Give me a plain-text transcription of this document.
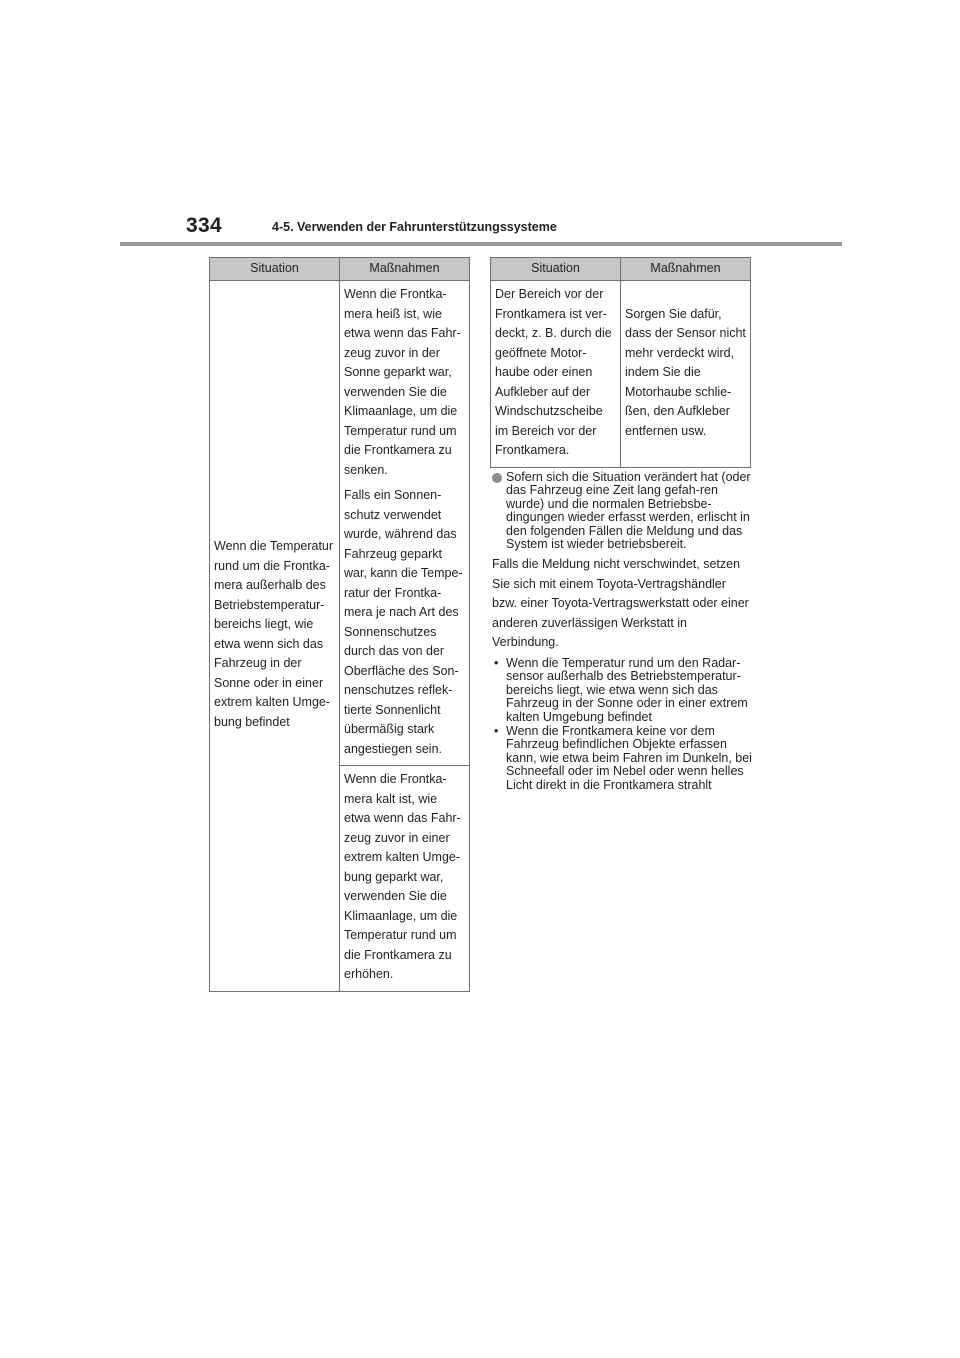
334	4-5. Verwenden der Fahrunterstützungssysteme
Situation	Maßnahmen

Wenn die Temperatur rund um die Frontka-mera außerhalb des Betriebstemperatur-bereichs liegt, wie etwa wenn sich das Fahrzeug in der Sonne oder in einer extrem kalten Umge-bung befindet	Wenn die Frontka-mera heiß ist, wie etwa wenn das Fahr-zeug zuvor in der Sonne geparkt war, verwenden Sie die Klimaanlage, um die Temperatur rund um die Frontkamera zu senken.
Falls ein Sonnen-schutz verwendet wurde, während das Fahrzeug geparkt war, kann die Tempe-ratur der Frontka-mera je nach Art des Sonnenschutzes durch das von der Oberfläche des Son-nenschutzes reflek-tierte Sonnenlicht übermäßig stark angestiegen sein.

	Wenn die Frontka-mera kalt ist, wie etwa wenn das Fahr-zeug zuvor in einer extrem kalten Umge-bung geparkt war, verwenden Sie die Klimaanlage, um die Temperatur rund um die Frontkamera zu erhöhen.
Situation	Maßnahmen

Der Bereich vor der Frontkamera ist ver-deckt, z. B. durch die geöffnete Motor-haube oder einen Aufkleber auf der Windschutzscheibe im Bereich vor der Frontkamera.	Sorgen Sie dafür, dass der Sensor nicht mehr verdeckt wird, indem Sie die Motorhaube schlie-ßen, den Aufkleber entfernen usw.
Sofern sich die Situation verändert hat (oder das Fahrzeug eine Zeit lang gefah-ren wurde) und die normalen Betriebsbe-dingungen wieder erfasst werden, erlischt in den folgenden Fällen die Meldung und das System ist wieder betriebsbereit.
Falls die Meldung nicht verschwindet, setzen Sie sich mit einem Toyota-Vertragshändler bzw. einer Toyota-Vertragswerkstatt oder einer anderen zuverlässigen Werkstatt in Verbindung.
• Wenn die Temperatur rund um den Radar-sensor außerhalb des Betriebstemperatur-bereichs liegt, wie etwa wenn sich das Fahrzeug in der Sonne oder in einer extrem kalten Umgebung befindet
• Wenn die Frontkamera keine vor dem Fahrzeug befindlichen Objekte erfassen kann, wie etwa beim Fahren im Dunkeln, bei Schneefall oder im Nebel oder wenn helles Licht direkt in die Frontkamera strahlt
